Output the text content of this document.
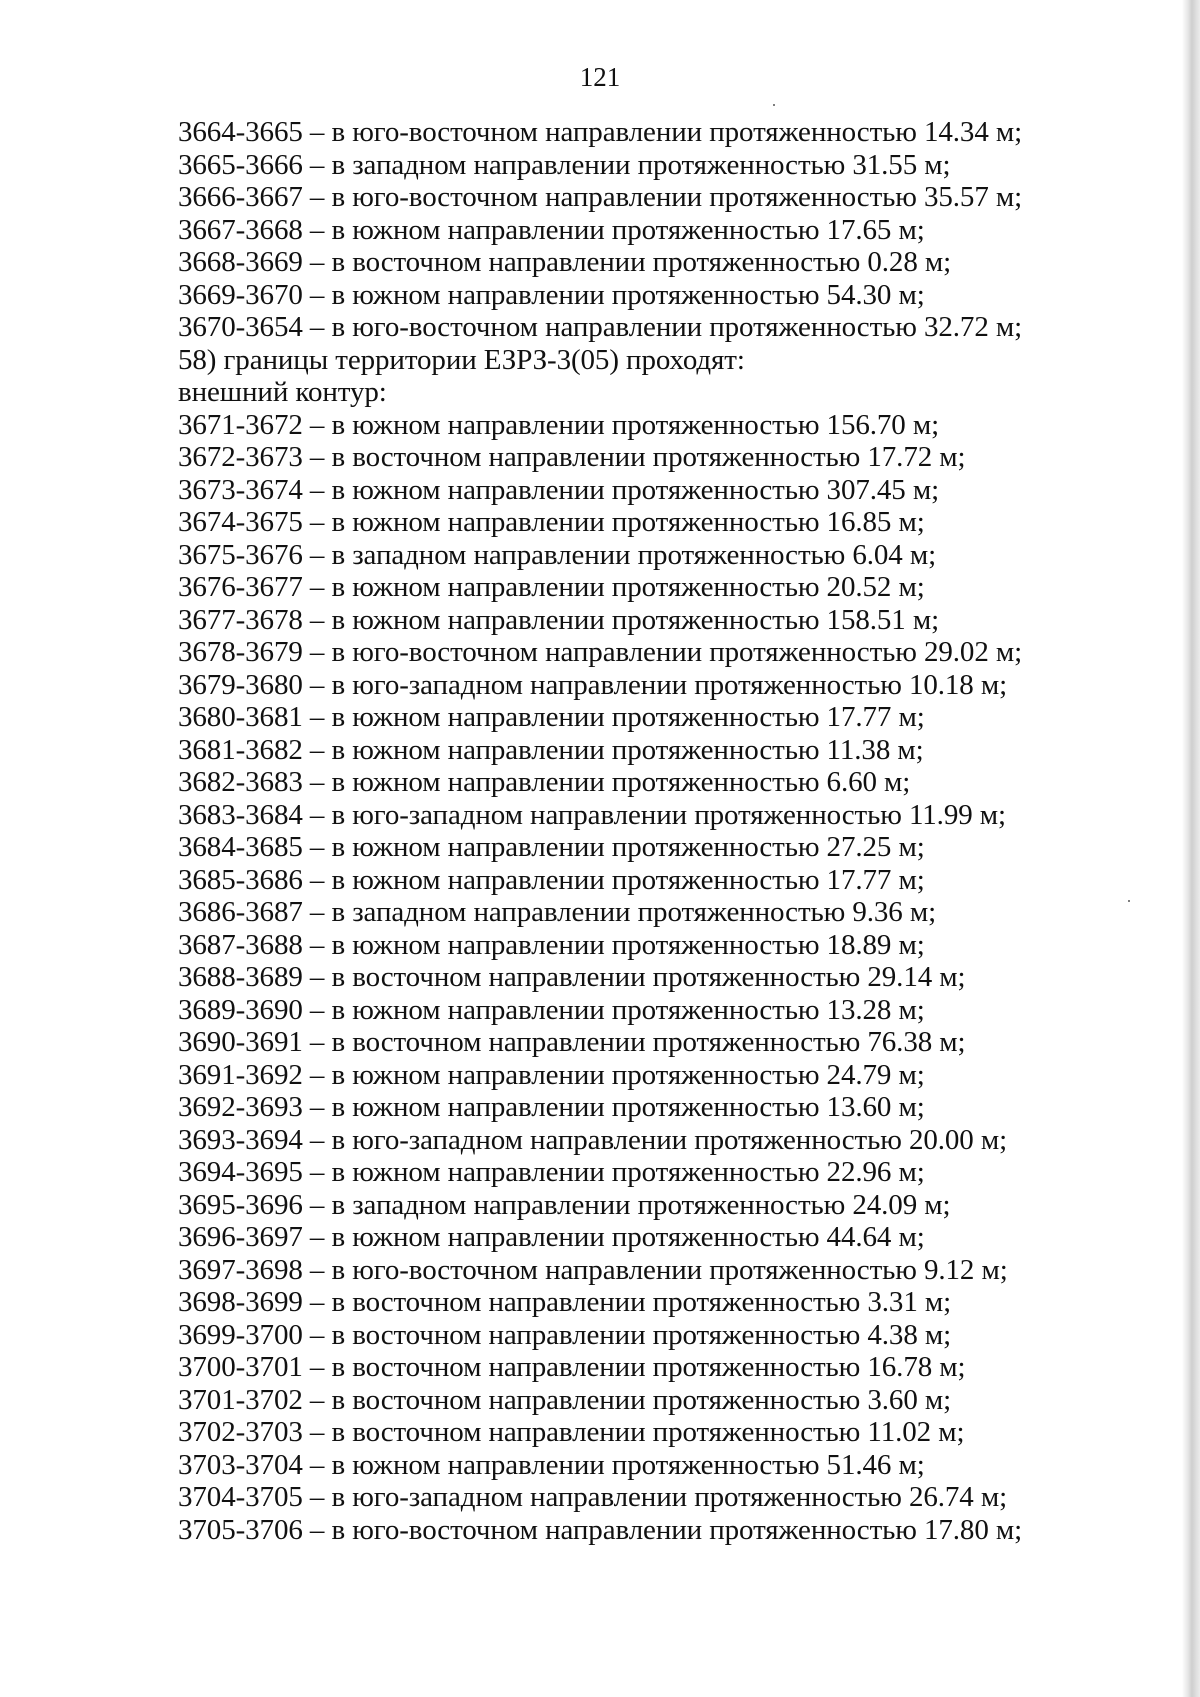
121
3664-3665 – в юго-восточном направлении протяженностью 14.34 м;
3665-3666 – в западном направлении протяженностью 31.55 м;
3666-3667 – в юго-восточном направлении протяженностью 35.57 м;
3667-3668 – в южном направлении протяженностью 17.65 м;
3668-3669 – в восточном направлении протяженностью 0.28 м;
3669-3670 – в южном направлении протяженностью 54.30 м;
3670-3654 – в юго-восточном направлении протяженностью 32.72 м;
58) границы территории ЕЗРЗ-3(05) проходят:
внешний контур:
3671-3672 – в южном направлении протяженностью 156.70 м;
3672-3673 – в восточном направлении протяженностью 17.72 м;
3673-3674 – в южном направлении протяженностью 307.45 м;
3674-3675 – в южном направлении протяженностью 16.85 м;
3675-3676 – в западном направлении протяженностью 6.04 м;
3676-3677 – в южном направлении протяженностью 20.52 м;
3677-3678 – в южном направлении протяженностью 158.51 м;
3678-3679 – в юго-восточном направлении протяженностью 29.02 м;
3679-3680 – в юго-западном направлении протяженностью 10.18 м;
3680-3681 – в южном направлении протяженностью 17.77 м;
3681-3682 – в южном направлении протяженностью 11.38 м;
3682-3683 – в южном направлении протяженностью 6.60 м;
3683-3684 – в юго-западном направлении протяженностью 11.99 м;
3684-3685 – в южном направлении протяженностью 27.25 м;
3685-3686 – в южном направлении протяженностью 17.77 м;
3686-3687 – в западном направлении протяженностью 9.36 м;
3687-3688 – в южном направлении протяженностью 18.89 м;
3688-3689 – в восточном направлении протяженностью 29.14 м;
3689-3690 – в южном направлении протяженностью 13.28 м;
3690-3691 – в восточном направлении протяженностью 76.38 м;
3691-3692 – в южном направлении протяженностью 24.79 м;
3692-3693 – в южном направлении протяженностью 13.60 м;
3693-3694 – в юго-западном направлении протяженностью 20.00 м;
3694-3695 – в южном направлении протяженностью 22.96 м;
3695-3696 – в западном направлении протяженностью 24.09 м;
3696-3697 – в южном направлении протяженностью 44.64 м;
3697-3698 – в юго-восточном направлении протяженностью 9.12 м;
3698-3699 – в восточном направлении протяженностью 3.31 м;
3699-3700 – в восточном направлении протяженностью 4.38 м;
3700-3701 – в восточном направлении протяженностью 16.78 м;
3701-3702 – в восточном направлении протяженностью 3.60 м;
3702-3703 – в восточном направлении протяженностью 11.02 м;
3703-3704 – в южном направлении протяженностью 51.46 м;
3704-3705 – в юго-западном направлении протяженностью 26.74 м;
3705-3706 – в юго-восточном направлении протяженностью 17.80 м;
